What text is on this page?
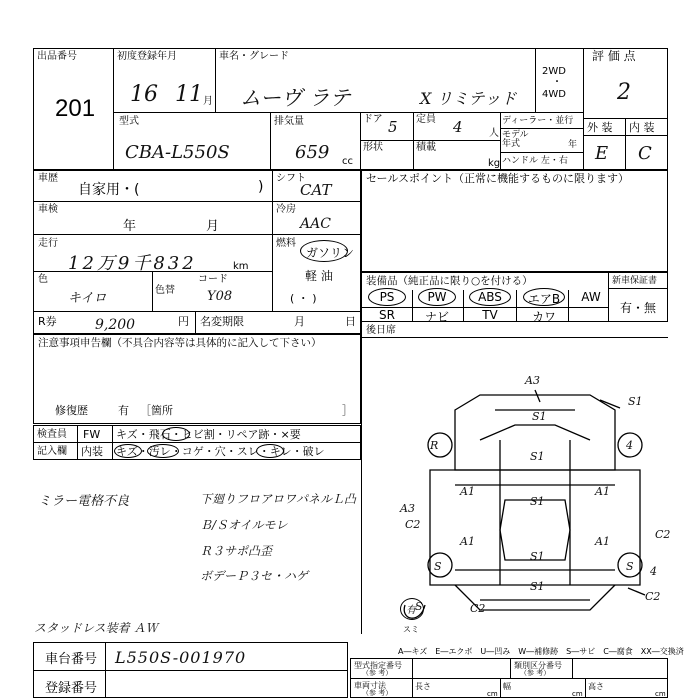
出品番号
201
初度登録年月
16 11 月
車名・グレード
ムーヴ ラテ	X リミテッド
2WD
・
4WD
評 価 点
2
型式
CBA-L550S
排気量
659 cc
ドア 5 定員 4	人
ディーラー・並行
モデル年式	年
形状	積載
kg ハンドル 左・右
外 装 内 装
E C
車歴
自家用・(	)
シフト
CAT
車検
年	月
冷房
AAC
走行
12万9千832	km
燃料
ガソリン
軽 油
( ・ )
色
キイロ
色替
コード
Y08
R券	9,200	円 名変期限	月	日
注意事項申告欄（不具合内容等は具体的に記入して下さい）
修復歴	有 ［箇所	］
検査員
記入欄
FW キズ・飛石・ヒビ割・リペア跡・×要
内装 キズ・汚レ・コゲ・穴・スレ・キレ・破レ
セールスポイント（正常に機能するものに限ります）
装備品（純正品に限り○を付ける）	新車保証書
有・無
PS	PW	ABS	エアB	AW
SR	ナビ	TV	カワ
後日席
A3
S1
S1
A1	A1
S1
S1
A1	A1
S1
S1
R	4
A3
C2
C2
S	S
C2
4
S	C2
有
スミ
ミラー電格不良	下廻りフロアロワパネルＬ凸
Ｂ/Ｓオイルモレ
Ｒ３サポ凸歪
ボデーＰ３セ・ハゲ
スタッドレス装着 ＡＷ
A―キズ　E―エクボ　U―凹み　W―補修跡　S―サビ　C―腐食　XX―交換済
車台番号 L550S-001970
登録番号
型式指定番号
（参 考）
類別区分番号
（参 考）
車両寸法
（参 考）
長さ
cm
幅
cm
高さ
cm
